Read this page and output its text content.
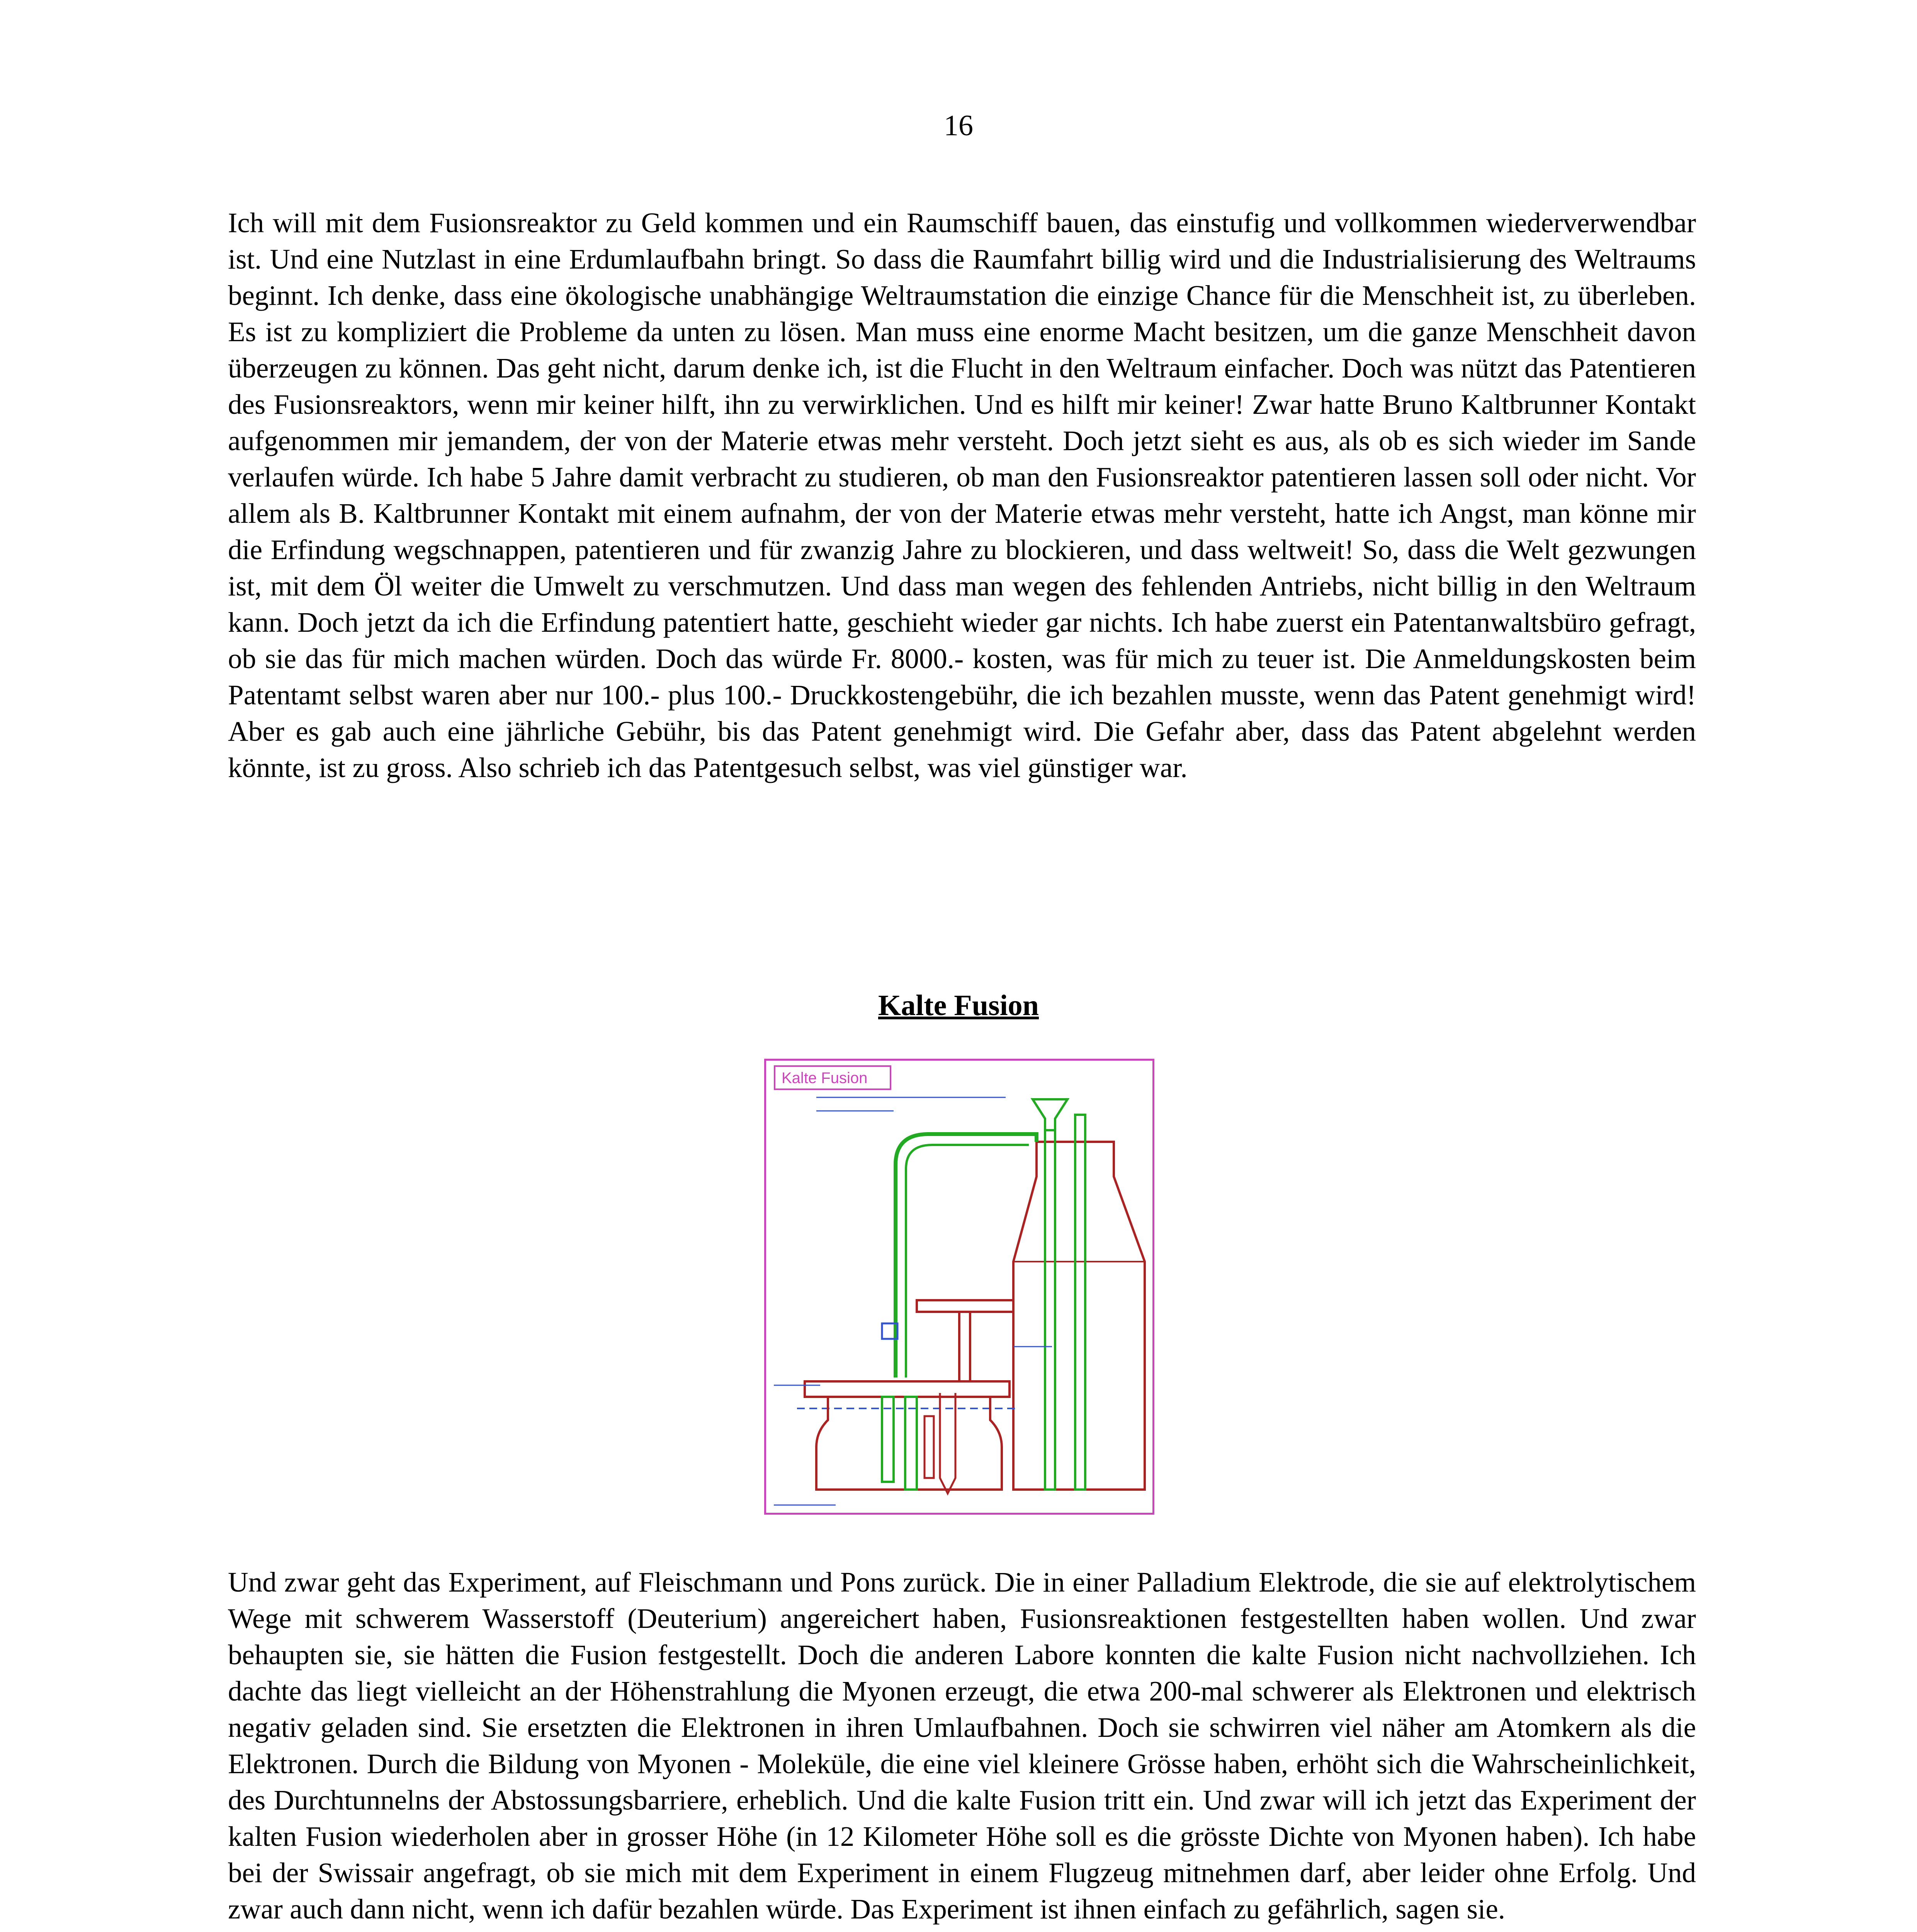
16

Ich will mit dem Fusionsreaktor zu Geld kommen und ein Raumschiff bauen, das einstufig und vollkommen wiederverwendbar ist. Und eine Nutzlast in eine Erdumlaufbahn bringt. So dass die Raumfahrt billig wird und die Industrialisierung des Weltraums beginnt. Ich denke, dass eine ökologische unabhängige Weltraumstation die einzige Chance für die Menschheit ist, zu überleben. Es ist zu kompliziert die Probleme da unten zu lösen. Man muss eine enorme Macht besitzen, um die ganze Menschheit davon überzeugen zu können. Das geht nicht, darum denke ich, ist die Flucht in den Weltraum einfacher. Doch was nützt das Patentieren des Fusionsreaktors, wenn mir keiner hilft, ihn zu verwirklichen. Und es hilft mir keiner! Zwar hatte Bruno Kaltbrunner Kontakt aufgenommen mir jemandem, der von der Materie etwas mehr versteht. Doch jetzt sieht es aus, als ob es sich wieder im Sande verlaufen würde. Ich habe 5 Jahre damit verbracht zu studieren, ob man den Fusionsreaktor patentieren lassen soll oder nicht. Vor allem als B. Kaltbrunner Kontakt mit einem aufnahm, der von der Materie etwas mehr versteht, hatte ich Angst, man könne mir die Erfindung wegschnappen, patentieren und für zwanzig Jahre zu blockieren, und dass weltweit! So, dass die Welt gezwungen ist, mit dem Öl weiter die Umwelt zu verschmutzen. Und dass man wegen des fehlenden Antriebs, nicht billig in den Weltraum kann. Doch jetzt da ich die Erfindung patentiert hatte, geschieht wieder gar nichts. Ich habe zuerst ein Patentanwaltsbüro gefragt, ob sie das für mich machen würden. Doch das würde Fr. 8000.- kosten, was für mich zu teuer ist. Die Anmeldungskosten beim Patentamt selbst waren aber nur 100.- plus 100.- Druckkostengebühr, die ich bezahlen musste, wenn das Patent genehmigt wird! Aber es gab auch eine jährliche Gebühr, bis das Patent genehmigt wird. Die Gefahr aber, dass das Patent abgelehnt werden könnte, ist zu gross. Also schrieb ich das Patentgesuch selbst, was viel günstiger war.

Kalte Fusion
Kalte Fusion

Und zwar geht das Experiment, auf Fleischmann und Pons zurück. Die in einer Palladium Elektrode, die sie auf elektrolytischem Wege mit schwerem Wasserstoff (Deuterium) angereichert haben, Fusionsreaktionen festgestellten haben wollen. Und zwar behaupten sie, sie hätten die Fusion festgestellt. Doch die anderen Labore konnten die kalte Fusion nicht nachvollziehen. Ich dachte das liegt vielleicht an der Höhenstrahlung die Myonen erzeugt, die etwa 200-mal schwerer als Elektronen und elektrisch negativ geladen sind. Sie ersetzten die Elektronen in ihren Umlaufbahnen. Doch sie schwirren viel näher am Atomkern als die Elektronen. Durch die Bildung von Myonen - Moleküle, die eine viel kleinere Grösse haben, erhöht sich die Wahrscheinlichkeit, des Durchtunnelns der Abstossungsbarriere, erheblich. Und die kalte Fusion tritt ein. Und zwar will ich jetzt das Experiment der kalten Fusion wiederholen aber in grosser Höhe (in 12 Kilometer Höhe soll es die grösste Dichte von Myonen haben). Ich habe bei der Swissair angefragt, ob sie mich mit dem Experiment in einem Flugzeug mitnehmen darf, aber leider ohne Erfolg. Und zwar auch dann nicht, wenn ich dafür bezahlen würde. Das Experiment ist ihnen einfach zu gefährlich, sagen sie.
